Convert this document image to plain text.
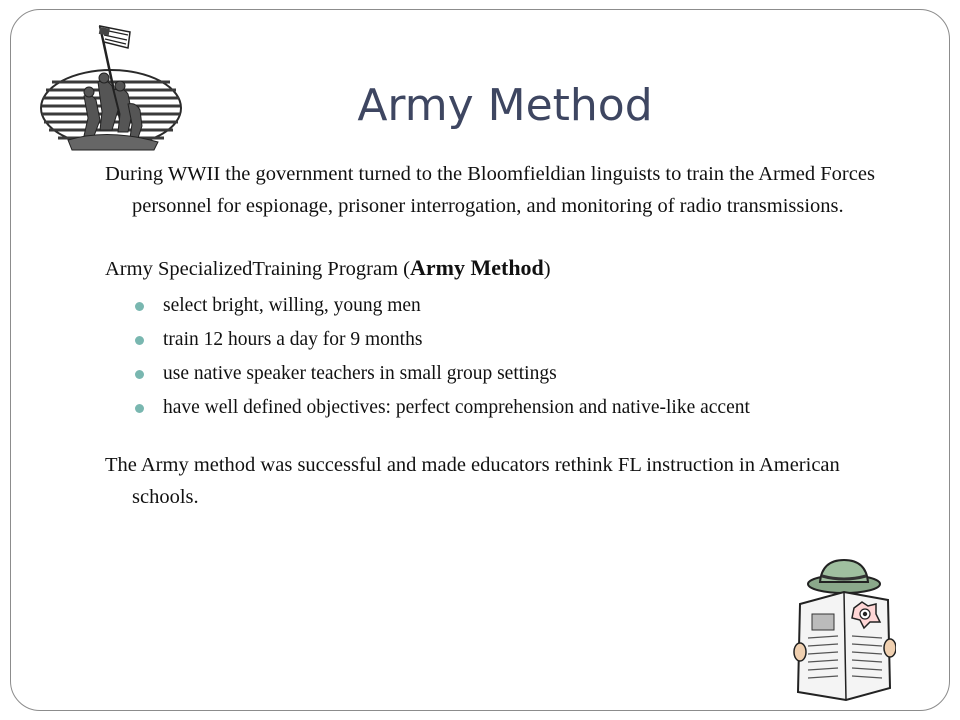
Army Method

During WWII the government turned to the Bloomfieldian linguists to train the Armed Forces personnel for espionage, prisoner interrogation, and monitoring of radio transmissions.

Army SpecializedTraining Program (Army Method)

select bright, willing, young men
train 12 hours a day for 9 months
use native speaker teachers in small group settings
have well defined objectives: perfect comprehension and native-like accent

The Army method was successful and made educators rethink FL instruction in American schools.
